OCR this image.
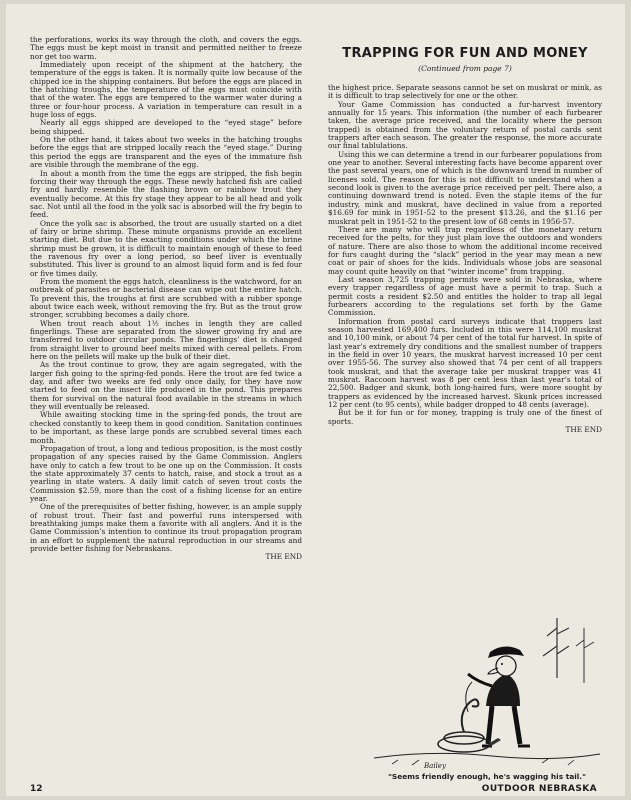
the perforations, works its way through the cloth, and covers the eggs. The eggs must be kept moist in transit and permitted neither to freeze nor get too warm.

Immediately upon receipt of the shipment at the hatchery, the temperature of the eggs is taken. It is normally quite low because of the chipped ice in the shipping containers. But before the eggs are placed in the hatching troughs, the temperature of the eggs must coincide with that of the water. The eggs are tempered to the warmer water during a three or four-hour process. A variation in temperature can result in a huge loss of eggs.

Nearly all eggs shipped are developed to the “eyed stage” before being shipped.

On the other hand, it takes about two weeks in the hatching troughs before the eggs that are stripped locally reach the “eyed stage.” During this period the eggs are transparent and the eyes of the immature fish are visible through the membrane of the egg.

In about a month from the time the eggs are stripped, the fish begin forcing their way through the eggs. These newly hatched fish are called fry and hardly resemble the flashing brown or rainbow trout they eventually become. At this fry stage they appear to be all head and yolk sac. Not until all the food in the yolk sac is absorbed will the fry begin to feed.

Once the yolk sac is absorbed, the trout are usually started on a diet of fairy or brine shrimp. These minute organisms provide an excellent starting diet. But due to the exacting conditions under which the brine shrimp must be grown, it is difficult to maintain enough of these to feed the ravenous fry over a long period, so beef liver is eventually substituted. This liver is ground to an almost liquid form and is fed four or five times daily.

From the moment the eggs hatch, cleanliness is the watchword, for an outbreak of parasites or bacterial disease can wipe out the entire hatch. To prevent this, the troughs at first are scrubbed with a rubber sponge about twice each week, without removing the fry. But as the trout grow stronger, scrubbing becomes a daily chore.

When trout reach about 1½ inches in length they are called fingerlings. These are separated from the slower growing fry and are transferred to outdoor circular ponds. The fingerlings’ diet is changed from straight liver to ground beef melts mixed with cereal pellets. From here on the pellets will make up the bulk of their diet.

As the trout continue to grow, they are again segregated, with the larger fish going to the spring-fed ponds. Here the trout are fed twice a day, and after two weeks are fed only once daily, for they have now started to feed on the insect life produced in the pond. This prepares them for survival on the natural food available in the streams in which they will eventually be released.

While awaiting stocking time in the spring-fed ponds, the trout are checked constantly to keep them in good condition. Sanitation continues to be important, as these large ponds are scrubbed several times each month.

Propagation of trout, a long and tedious proposition, is the most costly propagation of any species raised by the Game Commission. Anglers have only to catch a few trout to be one up on the Commission. It costs the state approximately 37 cents to hatch, raise, and stock a trout as a yearling in state waters. A daily limit catch of seven trout costs the Commission $2.59, more than the cost of a fishing license for an entire year.

One of the prerequisites of better fishing, however, is an ample supply of robust trout. Their fast and powerful runs interspersed with breathtaking jumps make them a favorite with all anglers. And it is the Game Commission’s intention to continue its trout propagation program in an effort to supplement the natural reproduction in our streams and provide better fishing for Nebraskans.

THE END

TRAPPING FOR FUN AND MONEY
(Continued from page 7)

the highest price. Separate seasons cannot be set on muskrat or mink, as it is difficult to trap selectively for one or the other.

Your Game Commission has conducted a fur-harvest inventory annually for 15 years. This information (the number of each furbearer taken, the average price received, and the locality where the person trapped) is obtained from the voluntary return of postal cards sent trappers after each season. The greater the response, the more accurate our final tablulations.

Using this we can determine a trend in our furbearer populations from one year to another. Several interesting facts have become apparent over the past several years, one of which is the downward trend in number of licenses sold. The reason for this is not difficult to understand when a second look is given to the average price received per pelt. There also, a continuing downward trend is noted. Even the staple items of the fur industry, mink and muskrat, have declined in value from a reported $16.69 for mink in 1951-52 to the present $13.26, and the $1.16 per muskrat pelt in 1951-52 to the present low of 68 cents in 1956-57.

There are many who will trap regardless of the monetary return received for the pelts, for they just plain love the outdoors and wonders of nature. There are also those to whom the additional income received for furs caught during the “slack” period in the year may mean a new coat or pair of shoes for the kids. Individuals whose jobs are seasonal may count quite heavily on that “winter income” from trapping.

Last season 3,725 trapping permits were sold in Nebraska, where every trapper regardless of age must have a permit to trap. Such a permit costs a resident $2.50 and entitles the holder to trap all legal furbearers according to the regulations set forth by the Game Commission.

Information from postal card surveys indicate that trappers last season harvested 169,400 furs. Included in this were 114,100 muskrat and 10,100 mink, or about 74 per cent of the total fur harvest. In spite of last year’s extremely dry conditions and the smallest number of trappers in the field in over 10 years, the muskrat harvest increased 10 per cent over 1955-56. The survey also showed that 74 per cent of all trappers took muskrat, and that the average take per muskrat trapper was 41 muskrat. Raccoon harvest was 8 per cent less than last year’s total of 22,500. Badger and skunk, both long-haired furs, were more sought by trappers as evidenced by the increased harvest. Skunk prices increased 12 per cent (to 95 cents), while badger dropped to 48 cents (average).

But be it for fun or for money, trapping is truly one of the finest of sports.

THE END

Bailey
"Seems friendly enough, he's wagging his tail."
12	OUTDOOR NEBRASKA
